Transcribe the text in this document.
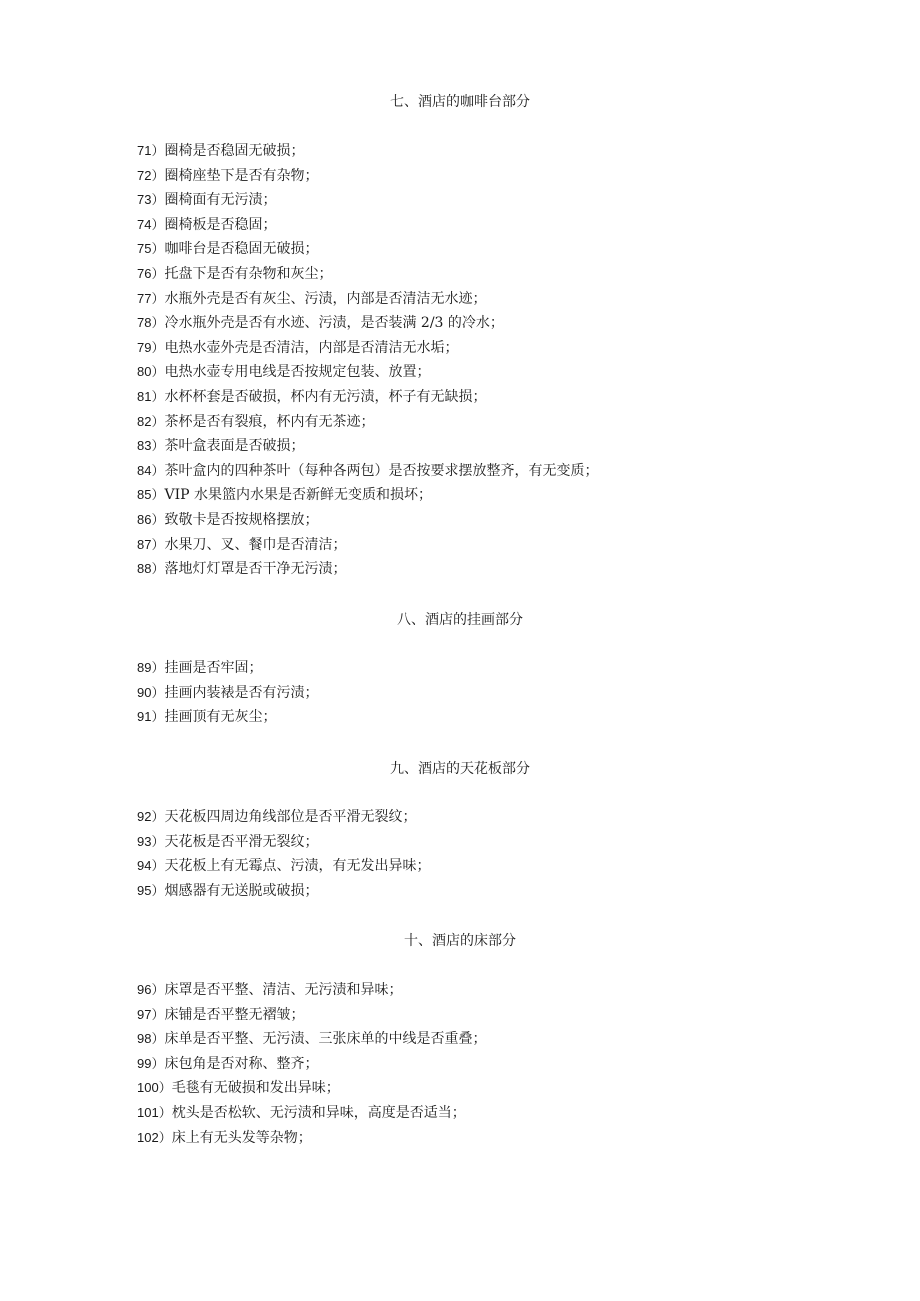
七、酒店的咖啡台部分
71）圈椅是否稳固无破损；
72）圈椅座垫下是否有杂物；
73）圈椅面有无污渍；
74）圈椅板是否稳固；
75）咖啡台是否稳固无破损；
76）托盘下是否有杂物和灰尘；
77）水瓶外壳是否有灰尘、污渍，内部是否清洁无水迹；
78）冷水瓶外壳是否有水迹、污渍，是否装满 2/3 的冷水；
79）电热水壶外壳是否清洁，内部是否清洁无水垢；
80）电热水壶专用电线是否按规定包装、放置；
81）水杯杯套是否破损，杯内有无污渍，杯子有无缺损；
82）茶杯是否有裂痕，杯内有无茶迹；
83）茶叶盒表面是否破损；
84）茶叶盒内的四种茶叶（每种各两包）是否按要求摆放整齐，有无变质；
85）VIP 水果篮内水果是否新鲜无变质和损坏；
86）致敬卡是否按规格摆放；
87）水果刀、叉、餐巾是否清洁；
88）落地灯灯罩是否干净无污渍；
八、酒店的挂画部分
89）挂画是否牢固；
90）挂画内装裱是否有污渍；
91）挂画顶有无灰尘；
九、酒店的天花板部分
92）天花板四周边角线部位是否平滑无裂纹；
93）天花板是否平滑无裂纹；
94）天花板上有无霉点、污渍，有无发出异味；
95）烟感器有无送脱或破损；
十、酒店的床部分
96）床罩是否平整、清洁、无污渍和异味；
97）床铺是否平整无褶皱；
98）床单是否平整、无污渍、三张床单的中线是否重叠；
99）床包角是否对称、整齐；
100）毛毯有无破损和发出异味；
101）枕头是否松软、无污渍和异味，高度是否适当；
102）床上有无头发等杂物；
